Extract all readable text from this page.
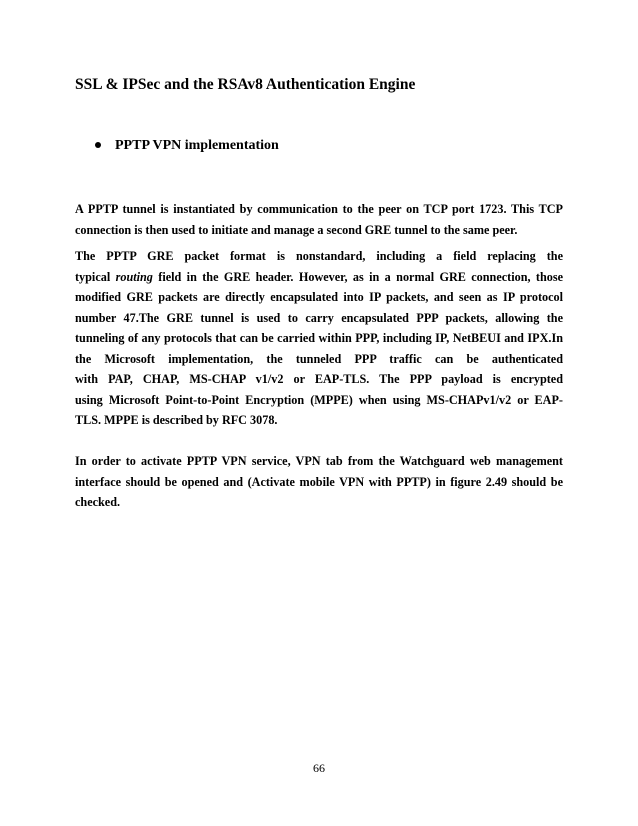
SSL & IPSec and the RSAv8 Authentication Engine
PPTP VPN implementation
A PPTP tunnel is instantiated by communication to the peer on TCP port 1723. This TCP
connection is then used to initiate and manage a second GRE tunnel to the same peer.
The PPTP GRE packet format is nonstandard, including a field replacing the
typical routing field in the GRE header. However, as in a normal GRE connection, those
modified GRE packets are directly encapsulated into IP packets, and seen as IP protocol
number 47.The GRE tunnel is used to carry encapsulated PPP packets, allowing the
tunneling of any protocols that can be carried within PPP, including IP, NetBEUI and IPX.In
the Microsoft implementation, the tunneled PPP traffic can be authenticated
with PAP, CHAP, MS-CHAP v1/v2 or EAP-TLS. The PPP payload is encrypted
using Microsoft Point-to-Point Encryption (MPPE) when using MS-CHAPv1/v2 or EAP-
TLS. MPPE is described by RFC 3078.
In order to activate PPTP VPN service, VPN tab from the Watchguard web management
interface should be opened and (Activate mobile VPN with PPTP) in figure 2.49 should be
checked.
66
